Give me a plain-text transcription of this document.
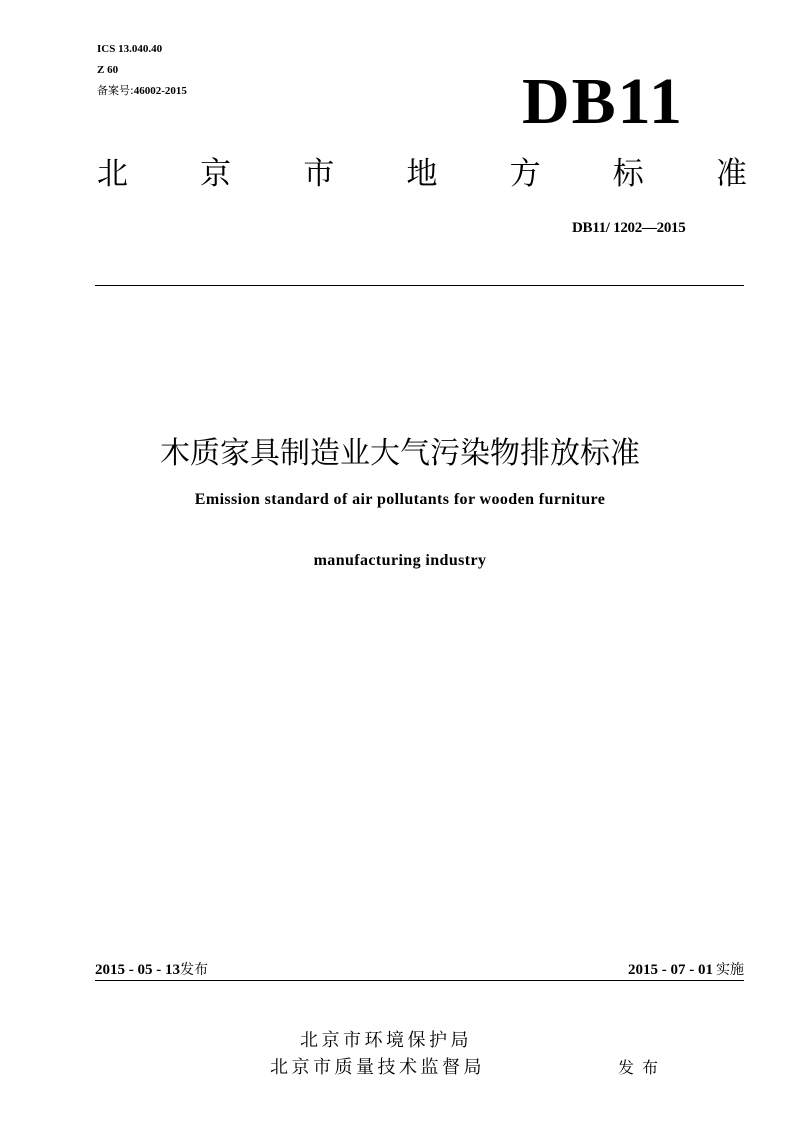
ICS 13.040.40
Z 60
备案号:46002-2015	DB11
北 京 市 地 方 标 准
DB11/ 1202—2015
木质家具制造业大气污染物排放标准
Emission standard of air pollutants for wooden furniture
manufacturing industry
2015 - 05 - 13发布	2015 - 07 - 01 实施
北京市环境保护局
北京市质量技术监督局	发布
